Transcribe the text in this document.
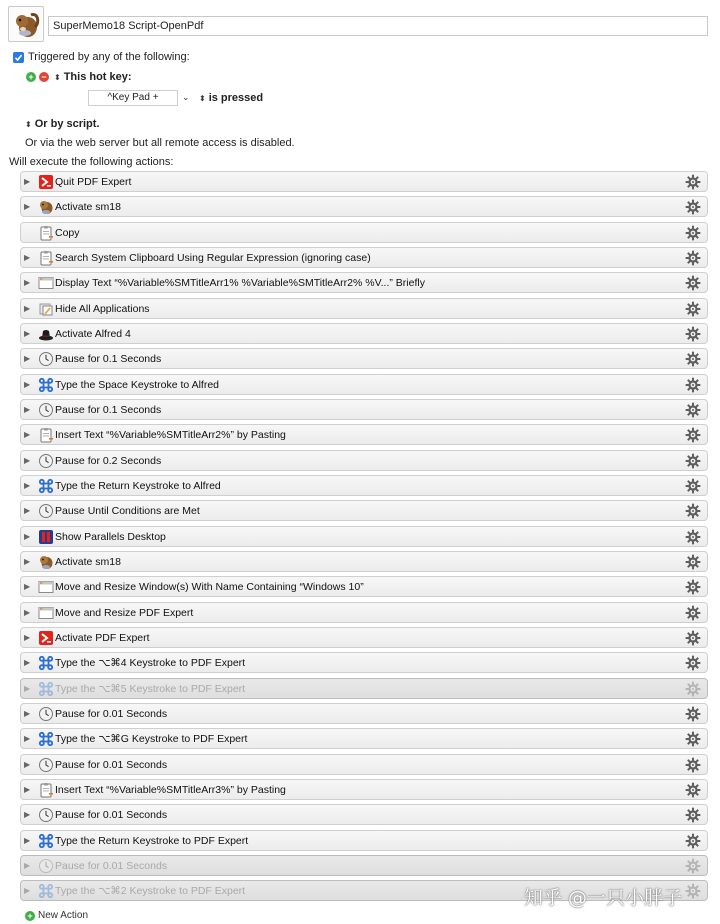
SuperMemo18 Script-OpenPdf
Triggered by any of the following:
+ − ⬍ This hot key:
^Key Pad +	⌄ ⬍ is pressed
⬍ Or by script.
Or via the web server but all remote access is disabled.
Will execute the following actions:
▶ Quit PDF Expert
▶ Activate sm18
Copy
▶ Search System Clipboard Using Regular Expression (ignoring case)
▶ Display Text “%Variable%SMTitleArr1% %Variable%SMTitleArr2% %V...” Briefly
▶ Hide All Applications
▶ Activate Alfred 4
▶ Pause for 0.1 Seconds
▶ Type the Space Keystroke to Alfred
▶ Pause for 0.1 Seconds
▶ Insert Text “%Variable%SMTitleArr2%” by Pasting
▶ Pause for 0.2 Seconds
▶ Type the Return Keystroke to Alfred
▶ Pause Until Conditions are Met
▶ Show Parallels Desktop
▶ Activate sm18
▶ Move and Resize Window(s) With Name Containing “Windows 10”
▶ Move and Resize PDF Expert
▶ Activate PDF Expert
▶ Type the ⌥⌘4 Keystroke to PDF Expert
▶ Type the ⌥⌘5 Keystroke to PDF Expert
▶ Pause for 0.01 Seconds
▶ Type the ⌥⌘G Keystroke to PDF Expert
▶ Pause for 0.01 Seconds
▶ Insert Text “%Variable%SMTitleArr3%” by Pasting
▶ Pause for 0.01 Seconds
▶ Type the Return Keystroke to PDF Expert
▶ Pause for 0.01 Seconds
▶ Type the ⌥⌘2 Keystroke to PDF Expert
+ New Action
知乎 @一只小胖子
